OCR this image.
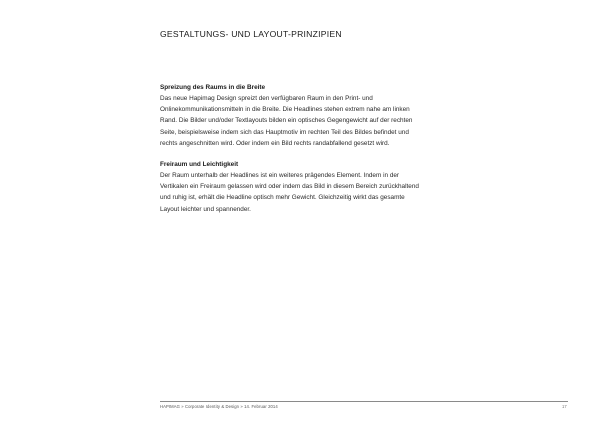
GESTALTUNGS- UND LAYOUT-PRINZIPIEN

Spreizung des Raums in die Breite

Das neue Hapimag Design spreizt den verfügbaren Raum in den Print- und
Onlinekommunikationsmitteln in die Breite. Die Headlines stehen extrem nahe am linken
Rand. Die Bilder und/oder Textlayouts bilden ein optisches Gegengewicht auf der rechten
Seite, beispielsweise indem sich das Hauptmotiv im rechten Teil des Bildes befindet und
rechts angeschnitten wird. Oder indem ein Bild rechts randabfallend gesetzt wird.

Freiraum und Leichtigkeit

Der Raum unterhalb der Headlines ist ein weiteres prägendes Element. Indem in der
Vertikalen ein Freiraum gelassen wird oder indem das Bild in diesem Bereich zurückhaltend
und ruhig ist, erhält die Headline optisch mehr Gewicht. Gleichzeitig wirkt das gesamte
Layout leichter und spannender.
HAPIMAG » Corporate Identity & Design » 14. Februar 2014	17
